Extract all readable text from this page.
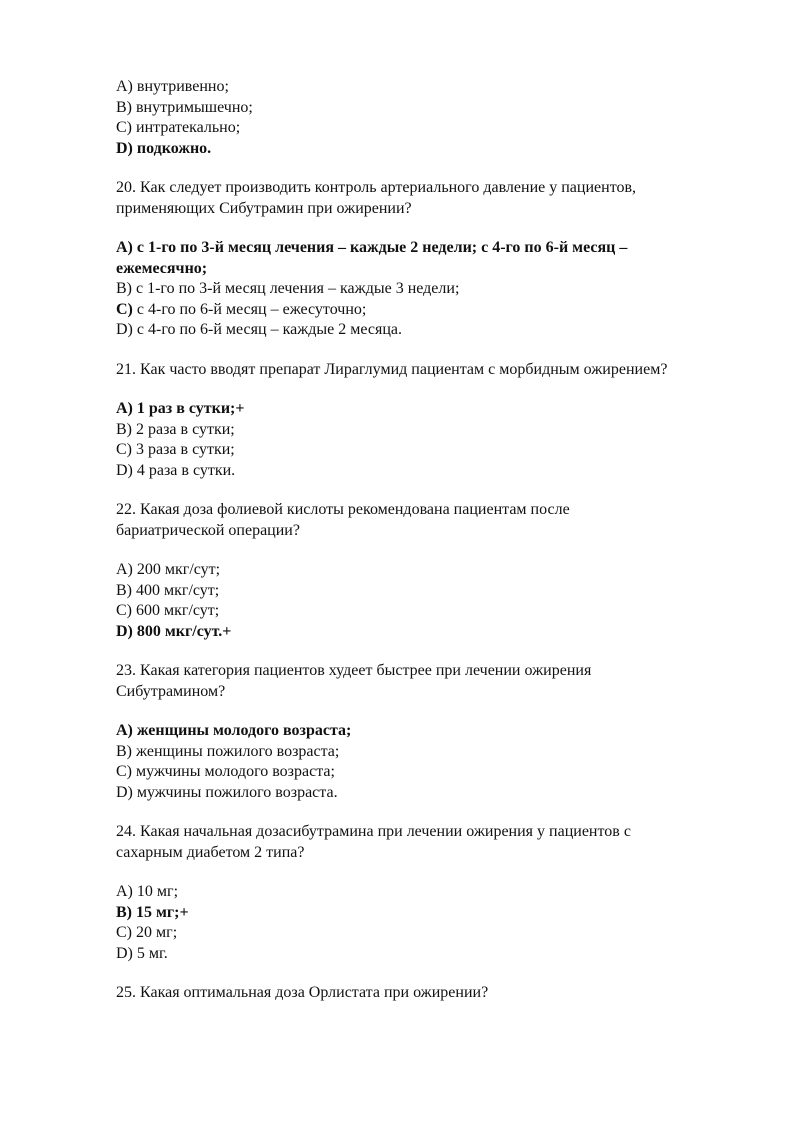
A) внутривенно;
B) внутримышечно;
C) интратекально;
D) подкожно.
20. Как следует производить контроль артериального давление у пациентов,
применяющих Сибутрамин при ожирении?
A) с 1-го по 3-й месяц лечения – каждые 2 недели; с 4-го по 6-й месяц –
ежемесячно;
B) с 1-го по 3-й месяц лечения – каждые 3 недели;
C) с 4-го по 6-й месяц – ежесуточно;
D) с 4-го по 6-й месяц – каждые 2 месяца.
21. Как часто вводят препарат Лираглумид пациентам с морбидным ожирением?
A) 1 раз в сутки;+
B) 2 раза в сутки;
C) 3 раза в сутки;
D) 4 раза в сутки.
22. Какая доза фолиевой кислоты рекомендована пациентам после
бариатрической операции?
A) 200 мкг/сут;
B) 400 мкг/сут;
C) 600 мкг/сут;
D) 800 мкг/сут.+
23. Какая категория пациентов худеет быстрее при лечении ожирения
Сибутрамином?
A) женщины молодого возраста;
B) женщины пожилого возраста;
C) мужчины молодого возраста;
D) мужчины пожилого возраста.
24. Какая начальная дозасибутрамина при лечении ожирения у пациентов с
сахарным диабетом 2 типа?
A) 10 мг;
B) 15 мг;+
C) 20 мг;
D) 5 мг.
25. Какая оптимальная доза Орлистата при ожирении?
